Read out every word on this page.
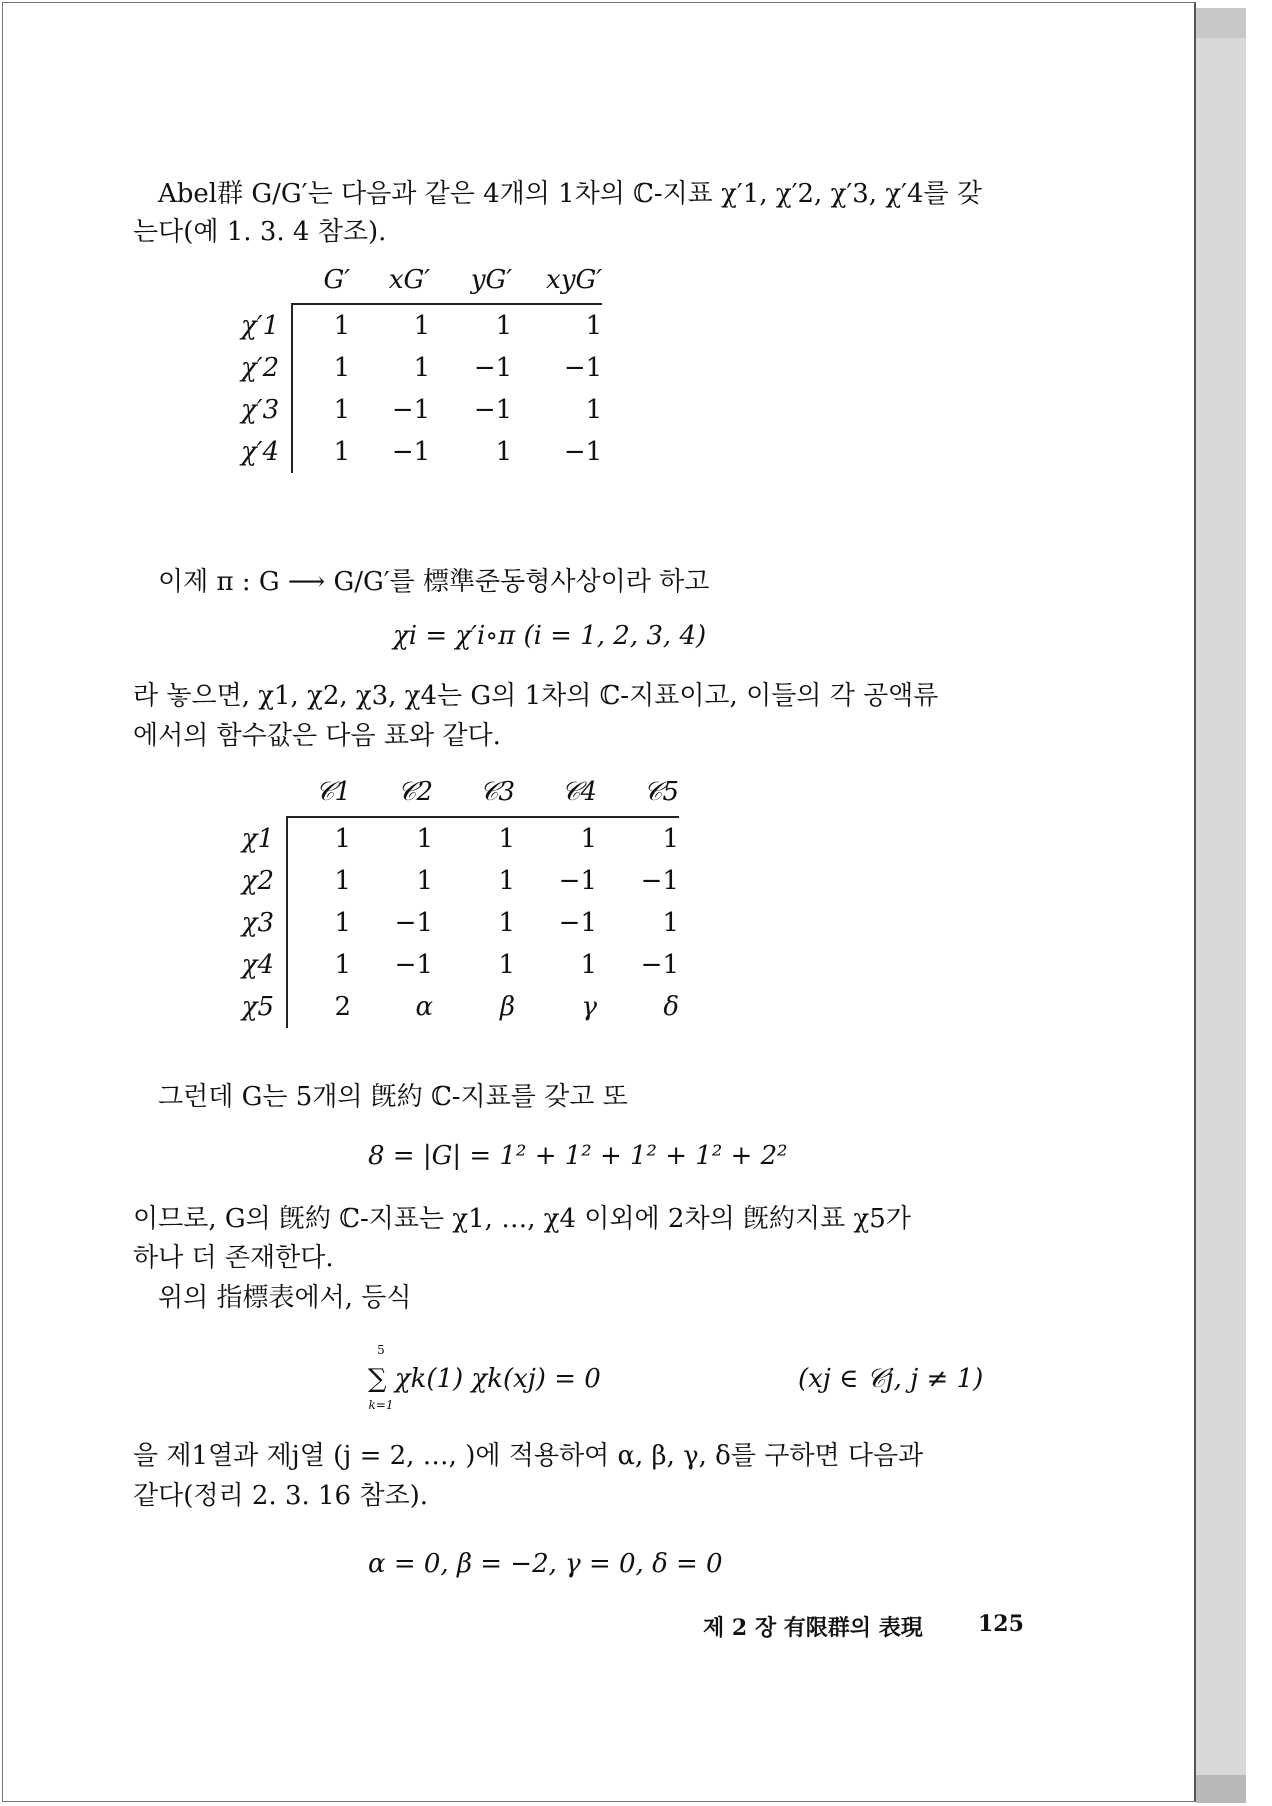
Abel群 G/G′는 다음과 같은 4개의 1차의 ℂ-지표 χ′1, χ′2, χ′3, χ′4를 갖
는다(예 1. 3. 4 참조).
	G′	xG′	yG′	xyG′
χ′1	1	1	1	1
χ′2	1	1	−1	−1
χ′3	1	−1	−1	1
χ′4	1	−1	1	−1
이제 π : G ⟶ G/G′를 標準준동형사상이라 하고
χi = χ′i∘π (i = 1, 2, 3, 4)
라 놓으면, χ1, χ2, χ3, χ4는 G의 1차의 ℂ-지표이고, 이들의 각 공액류
에서의 함수값은 다음 표와 같다.
	𝒞1	𝒞2	𝒞3	𝒞4	𝒞5
χ1	1	1	1	1	1
χ2	1	1	1	−1	−1
χ3	1	−1	1	−1	1
χ4	1	−1	1	1	−1
χ5	2	α	β	γ	δ
그런데 G는 5개의 旣約 ℂ-지표를 갖고 또
8 = |G| = 1² + 1² + 1² + 1² + 2²
이므로, G의 旣約 ℂ-지표는 χ1, …, χ4 이외에 2차의 旣約지표 χ5가
하나 더 존재한다.
위의 指標表에서, 등식
5
k=1
∑ χk(1) χk(xj) = 0	(xj ∈ 𝒞j, j ≠ 1)
을 제1열과 제j열 (j = 2, …, )에 적용하여 α, β, γ, δ를 구하면 다음과
같다(정리 2. 3. 16 참조).
α = 0, β = −2, γ = 0, δ = 0
제 2 장 有限群의 表現	125
